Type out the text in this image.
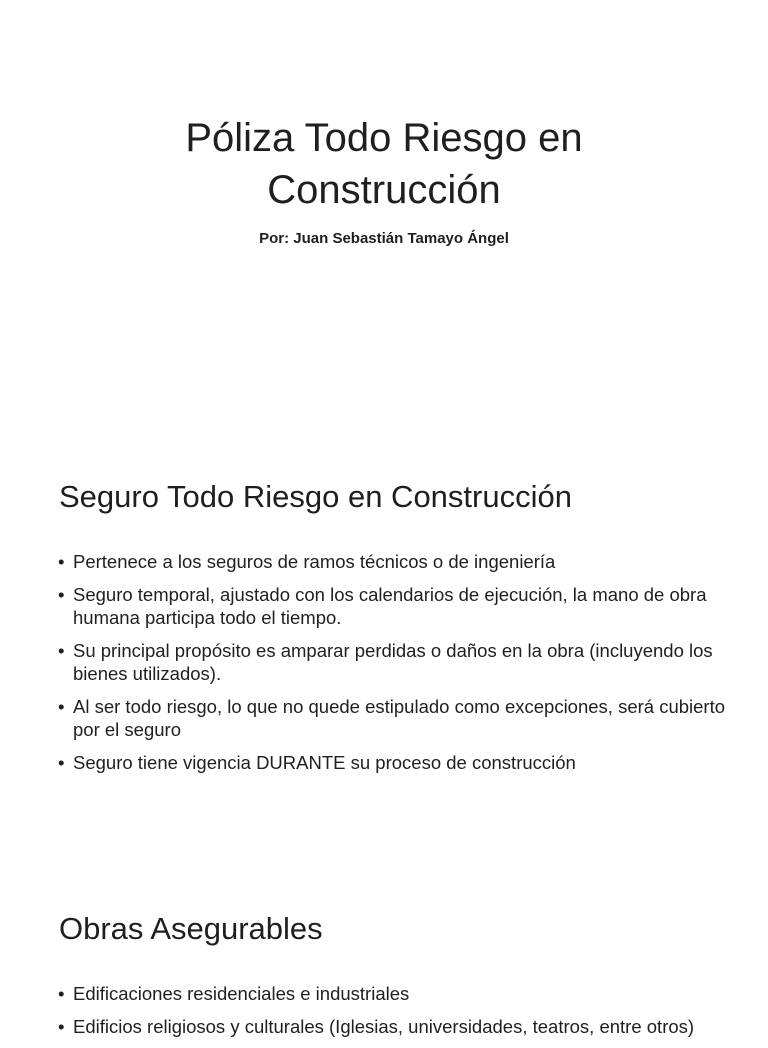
Póliza Todo Riesgo en
Construcción

Por: Juan Sebastián Tamayo Ángel

Seguro Todo Riesgo en Construcción
• Pertenece a los seguros de ramos técnicos o de ingeniería
• Seguro temporal, ajustado con los calendarios de ejecución, la mano de obra humana participa todo el tiempo.
• Su principal propósito es amparar perdidas o daños en la obra (incluyendo los bienes utilizados).
• Al ser todo riesgo, lo que no quede estipulado como excepciones, será cubierto por el seguro
• Seguro tiene vigencia DURANTE su proceso de construcción
Obras Asegurables
• Edificaciones residenciales e industriales
• Edificios religiosos y culturales (Iglesias, universidades, teatros, entre otros)
